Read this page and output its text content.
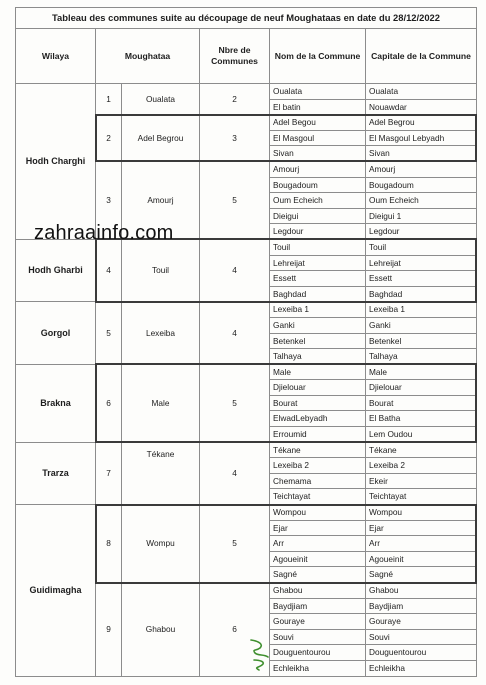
Tableau des communes suite au découpage de neuf Moughataas en date du 28/12/2022					
Wilaya	Moughataa		Nbre de Communes	Nom de la Commune	Capitale de la Commune
Hodh Charghi	1	Oualata	2	Oualata	Oualata
				El batin	Nouawdar
	2	Adel Begrou	3	Adel Begou	Adel Begrou
				El Masgoul	El Masgoul Lebyadh
				Sivan	Sivan
	3	Amourj	5	Amourj	Amourj
				Bougadoum	Bougadoum
				Oum Echeich	Oum Echeich
				Dieigui	Dieigui 1
				Legdour	Legdour
Hodh Gharbi	4	Touil	4	Touil	Touil
				Lehreijat	Lehreijat
				Essett	Essett
				Baghdad	Baghdad
Gorgol	5	Lexeiba	4	Lexeiba 1	Lexeiba 1
				Ganki	Ganki
				Betenkel	Betenkel
				Talhaya	Talhaya
Brakna	6	Male	5	Male	Male
				Djielouar	Djielouar
				Bourat	Bourat
				ElwadLebyadh	El Batha
				Erroumid	Lem Oudou
Trarza	7	Tékane	4	Tékane	Tékane
				Lexeiba 2	Lexeiba 2
				Chemama	Ekeir
				Teichtayat	Teichtayat
Guidimagha	8	Wompu	5	Wompou	Wompou
				Ejar	Ejar
				Arr	Arr
				Agoueinit	Agoueinit
				Sagné	Sagné
	9	Ghabou	6	Ghabou	Ghabou
				Baydjiam	Baydjiam
				Gouraye	Gouraye
				Souvi	Souvi
				Douguentourou	Douguentourou
				Echleikha	Echleikha
zahraainfo.com
